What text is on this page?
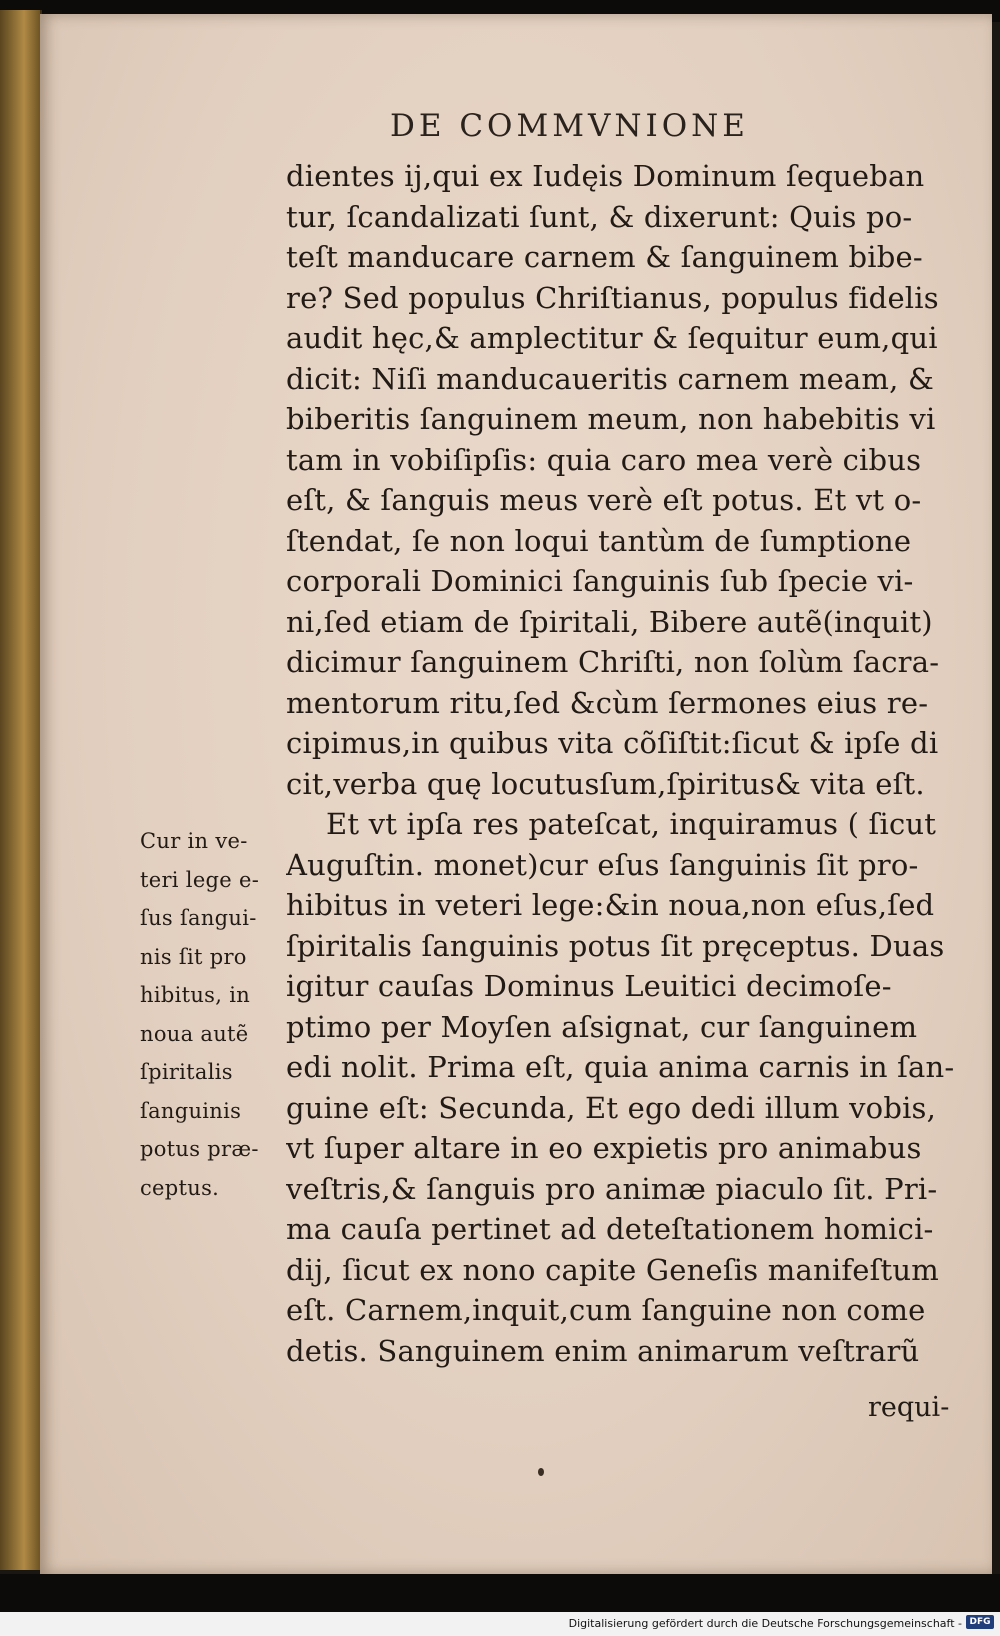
DE COMMVNIONE
dientes ij,qui ex Iudęis Dominum ſequeban
tur, ſcandalizati ſunt, & dixerunt: Quis po-
teſt manducare carnem & ſanguinem bibe-
re? Sed populus Chriſtianus, populus fidelis
audit hęc,& amplectitur & ſequitur eum,qui
dicit: Niſi manducaueritis carnem meam, &
biberitis ſanguinem meum, non habebitis vi
tam in vobiſipſis: quia caro mea verè cibus
eſt, & ſanguis meus verè eſt potus. Et vt o-
ſtendat, ſe non loqui tantùm de ſumptione
corporali Dominici ſanguinis ſub ſpecie vi-
ni,ſed etiam de ſpiritali, Bibere autẽ(inquit)
dicimur ſanguinem Chriſti, non ſolùm ſacra-
mentorum ritu,ſed &cùm ſermones eius re-
cipimus,in quibus vita cõſiſtit:ſicut & ipſe di
cit,verba quę locutusſum,ſpiritus& vita eſt.
Et vt ipſa res pateſcat, inquiramus ( ſicut
Auguſtin. monet)cur eſus ſanguinis ſit pro-
hibitus in veteri lege:&in noua,non eſus,ſed
ſpiritalis ſanguinis potus ſit pręceptus. Duas
igitur cauſas Dominus Leuitici decimoſe-
ptimo per Moyſen aſsignat, cur ſanguinem
edi nolit. Prima eſt, quia anima carnis in ſan-
guine eſt: Secunda, Et ego dedi illum vobis,
vt ſuper altare in eo expietis pro animabus
veſtris,& ſanguis pro animæ piaculo ſit. Pri-
ma cauſa pertinet ad deteſtationem homici-
dij, ſicut ex nono capite Geneſis manifeſtum
eſt. Carnem,inquit,cum ſanguine non come
detis. Sanguinem enim animarum veſtrarũ
requi-
Cur in ve-
teri lege e-
ſus ſangui-
nis ſit pro
hibitus, in
noua autẽ
ſpiritalis
ſanguinis
potus præ-
ceptus.
Digitalisierung gefördert durch die Deutsche Forschungsgemeinschaft - DFG
